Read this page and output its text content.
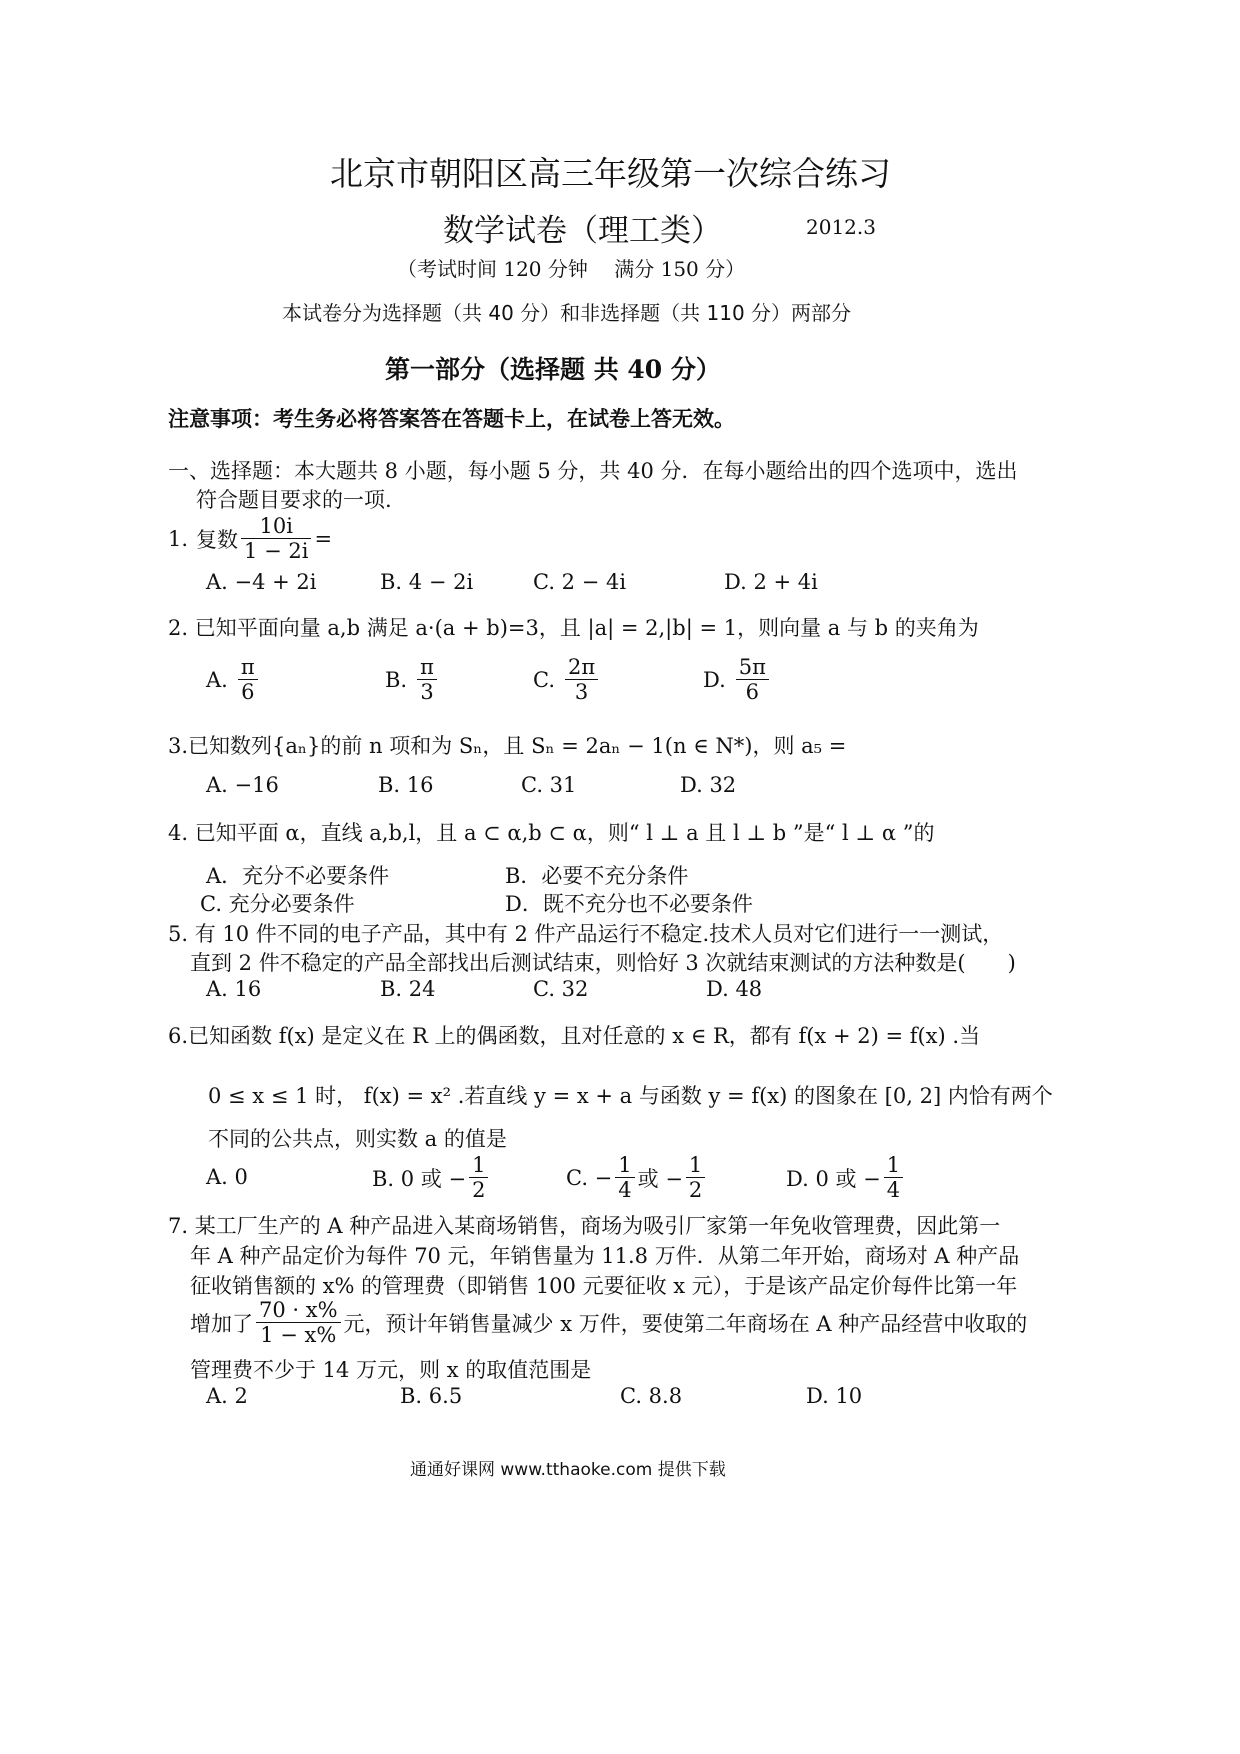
北京市朝阳区高三年级第一次综合练习
数学试卷（理工类）	2012.3
（考试时间 120 分钟　 满分 150 分）
本试卷分为选择题（共 40 分）和非选择题（共 110 分）两部分
第一部分（选择题 共 40 分）
注意事项：考生务必将答案答在答题卡上，在试卷上答无效。
一、选择题：本大题共 8 小题，每小题 5 分，共 40 分．在每小题给出的四个选项中，选出
符合题目要求的一项.
1. 复数 $\frac{10i}{1 - 2i}$ =
A. −4 + 2i	B. 4 − 2i	C. 2 − 4i	D. 2 + 4i
2. 已知平面向量 a,b 满足 a·(a + b)=3，且 |a| = 2,|b| = 1，则向量 a 与 b 的夹角为
A. $\frac{\pi}{6}$	B. $\frac{\pi}{3}$	C. $\frac{2\pi}{3}$	D. $\frac{5\pi}{6}$
3.已知数列{aₙ}的前 n 项和为 Sₙ，且 Sₙ = 2aₙ − 1(n ∈ N*)，则 a₅ =
A. −16	B. 16	C. 31	D. 32
4. 已知平面 α，直线 a,b,l，且 a ⊂ α,b ⊂ α，则“ l ⊥ a 且 l ⊥ b ”是“ l ⊥ α ”的
A．充分不必要条件	B．必要不充分条件
C. 充分必要条件	D．既不充分也不必要条件
5. 有 10 件不同的电子产品，其中有 2 件产品运行不稳定.技术人员对它们进行一一测试，
直到 2 件不稳定的产品全部找出后测试结束，则恰好 3 次就结束测试的方法种数是(　　)
A. 16	B. 24	C. 32	D. 48
6.已知函数 f(x) 是定义在 R 上的偶函数，且对任意的 x ∈ R，都有 f(x + 2) = f(x) .当
0 ≤ x ≤ 1 时， f(x) = x² .若直线 y = x + a 与函数 y = f(x) 的图象在 [0, 2] 内恰有两个
不同的公共点，则实数 a 的值是
A. 0	B. 0 或 − $\frac{1}{2}$	C. − $\frac{1}{4}$ 或 − $\frac{1}{2}$	D. 0 或 − $\frac{1}{4}$
7. 某工厂生产的 A 种产品进入某商场销售，商场为吸引厂家第一年免收管理费，因此第一
年 A 种产品定价为每件 70 元，年销售量为 11.8 万件．从第二年开始，商场对 A 种产品
征收销售额的 x% 的管理费（即销售 100 元要征收 x 元），于是该产品定价每件比第一年
增加了 $\frac{70 \cdot x\%}{1 - x\%}$ 元，预计年销售量减少 x 万件，要使第二年商场在 A 种产品经营中收取的
管理费不少于 14 万元，则 x 的取值范围是
A. 2	B. 6.5	C. 8.8	D. 10
通通好课网 www.tthaoke.com 提供下载
